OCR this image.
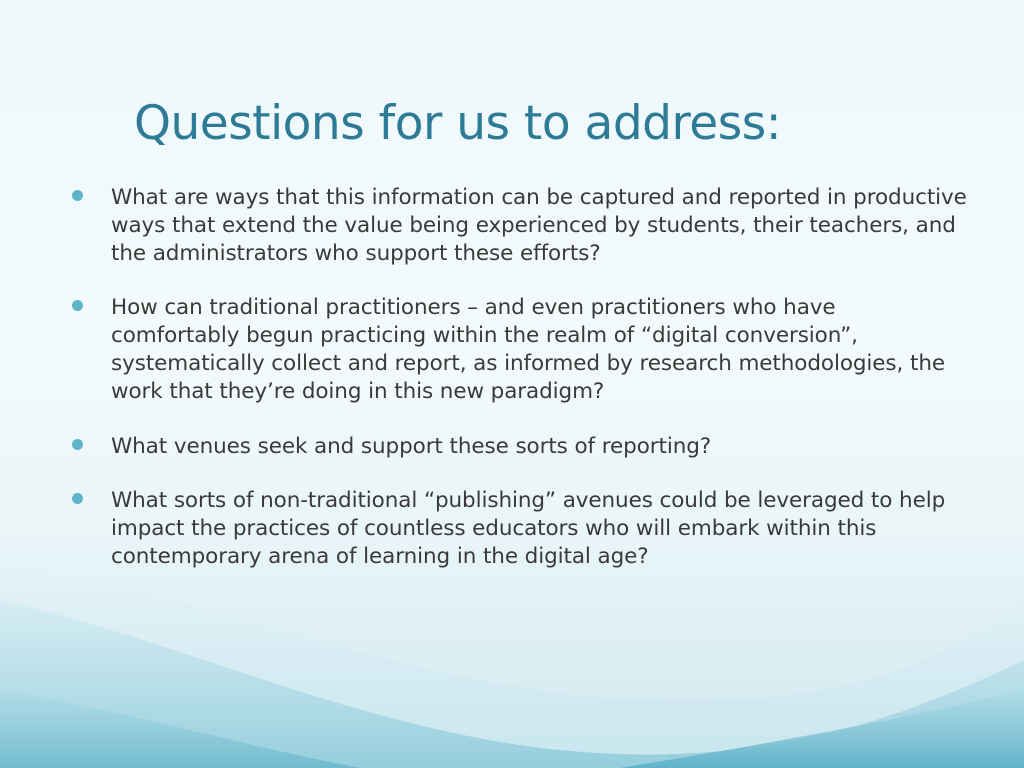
Questions for us to address:
What are ways that this information can be captured and reported in productive ways that extend the value being experienced by students, their teachers, and the administrators who support these efforts?
How can traditional practitioners – and even practitioners who have comfortably begun practicing within the realm of “digital conversion”, systematically collect and report, as informed by research methodologies, the work that they’re doing in this new paradigm?
What venues seek and support these sorts of reporting?
What sorts of non-traditional “publishing” avenues could be leveraged to help impact the practices of countless educators who will embark within this contemporary arena of learning in the digital age?
